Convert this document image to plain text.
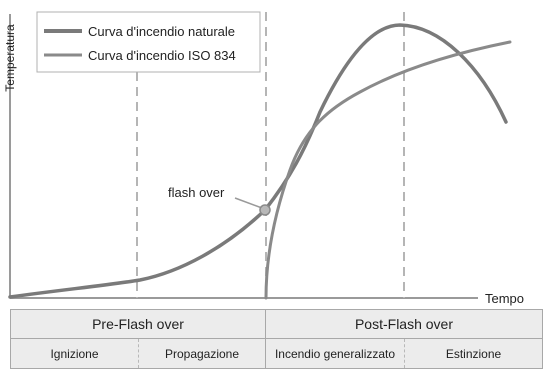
Temperatura
Tempo
flash over
Curva d'incendio naturale
Curva d'incendio ISO 834
Pre-Flash over	Post-Flash over
Ignizione	Propagazione	Incendio generalizzato	Estinzione
